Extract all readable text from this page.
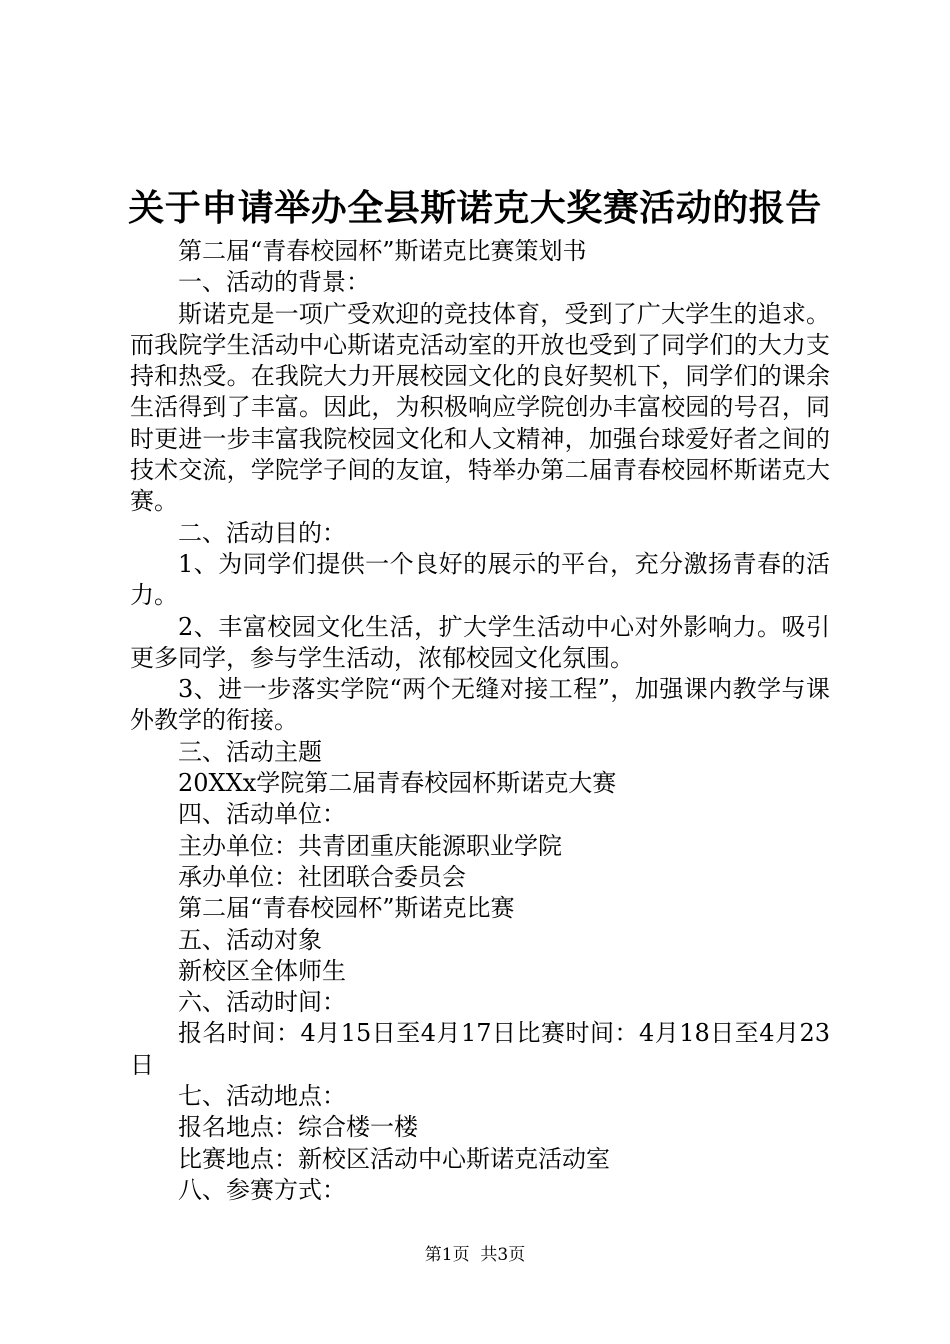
关于申请举办全县斯诺克大奖赛活动的报告

第二届“青春校园杯”斯诺克比赛策划书

一、活动的背景：

斯诺克是一项广受欢迎的竞技体育，受到了广大学生的追求。而我院学生活动中心斯诺克活动室的开放也受到了同学们的大力支持和热受。在我院大力开展校园文化的良好契机下，同学们的课余生活得到了丰富。因此，为积极响应学院创办丰富校园的号召，同时更进一步丰富我院校园文化和人文精神，加强台球爱好者之间的技术交流，学院学子间的友谊，特举办第二届青春校园杯斯诺克大赛。

二、活动目的：

1、为同学们提供一个良好的展示的平台，充分激扬青春的活力。

2、丰富校园文化生活，扩大学生活动中心对外影响力。吸引更多同学，参与学生活动，浓郁校园文化氛围。

3、进一步落实学院“两个无缝对接工程”，加强课内教学与课外教学的衔接。

三、活动主题

20XXx学院第二届青春校园杯斯诺克大赛

四、活动单位：

主办单位：共青团重庆能源职业学院

承办单位：社团联合委员会

第二届“青春校园杯”斯诺克比赛

五、活动对象

新校区全体师生

六、活动时间：

报名时间：4月15日至4月17日比赛时间：4月18日至4月23日

七、活动地点：

报名地点：综合楼一楼

比赛地点：新校区活动中心斯诺克活动室

八、参赛方式：

第1页  共3页
